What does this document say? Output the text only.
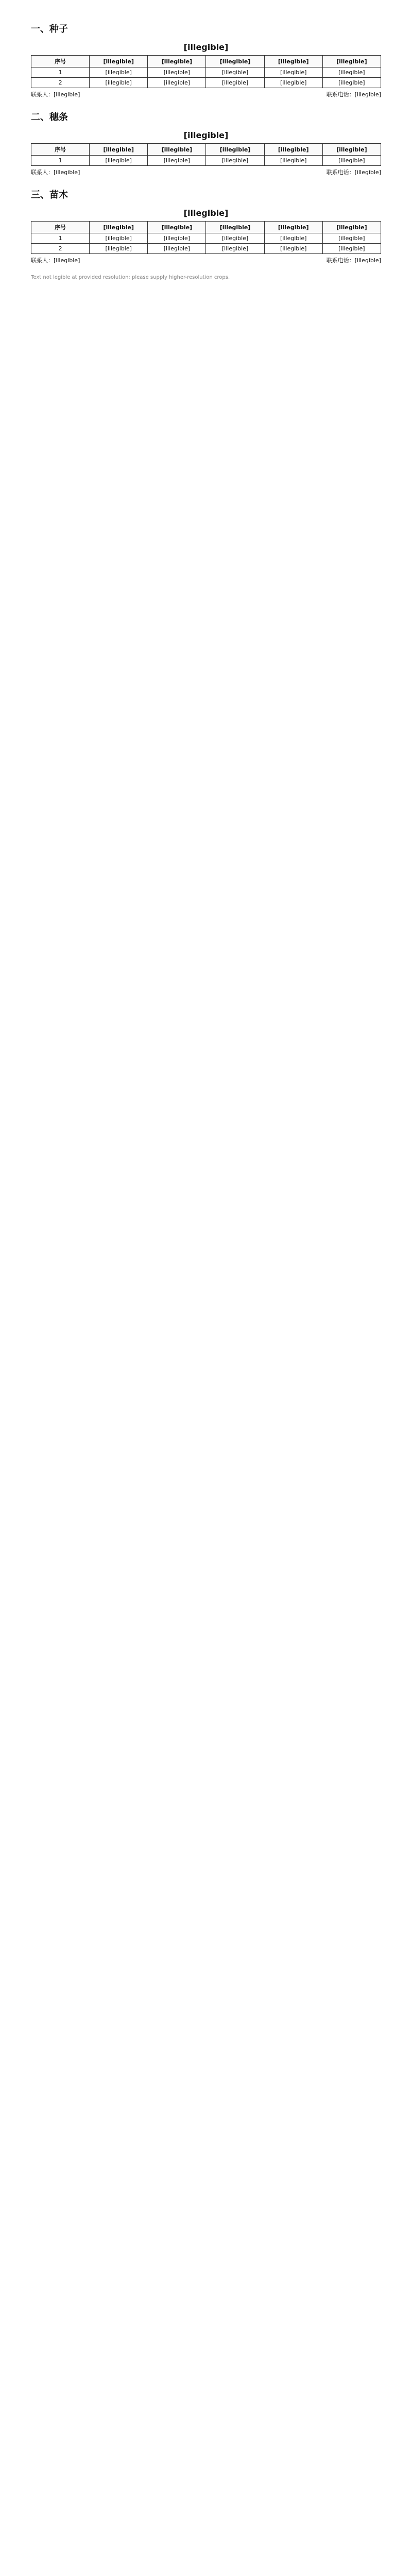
一、种子
[illegible]
序号	[illegible]	[illegible]	[illegible]	[illegible]	[illegible]
1	[illegible]	[illegible]	[illegible]	[illegible]	[illegible]
2	[illegible]	[illegible]	[illegible]	[illegible]	[illegible]
联系人：[illegible]	联系电话：[illegible]
二、穗条
[illegible]
序号	[illegible]	[illegible]	[illegible]	[illegible]	[illegible]
1	[illegible]	[illegible]	[illegible]	[illegible]	[illegible]
联系人：[illegible]	联系电话：[illegible]
三、苗木
[illegible]
序号	[illegible]	[illegible]	[illegible]	[illegible]	[illegible]
1	[illegible]	[illegible]	[illegible]	[illegible]	[illegible]
2	[illegible]	[illegible]	[illegible]	[illegible]	[illegible]
联系人：[illegible]	联系电话：[illegible]
Text not legible at provided resolution; please supply higher-resolution crops.
